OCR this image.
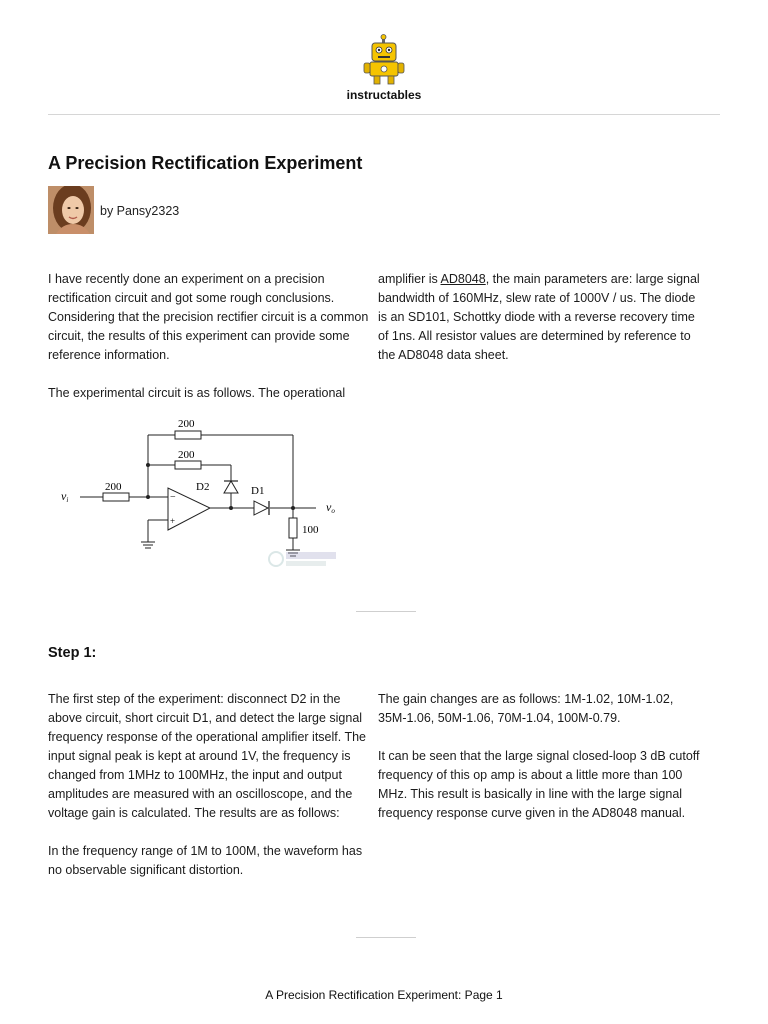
instructables
A Precision Rectification Experiment
by Pansy2323

I have recently done an experiment on a precision rectification circuit and got some rough conclusions. Considering that the precision rectifier circuit is a common circuit, the results of this experiment can provide some reference information.

The experimental circuit is as follows. The operational

amplifier is AD8048, the main parameters are: large signal bandwidth of 160MHz, slew rate of 1000V / us. The diode is an SD101, Schottky diode with a reverse recovery time of 1ns. All resistor values are determined by reference to the AD8048 data sheet.

−
+
200
200
200
100
D2	D1
vi	vo
Step 1:

The first step of the experiment: disconnect D2 in the above circuit, short circuit D1, and detect the large signal frequency response of the operational amplifier itself. The input signal peak is kept at around 1V, the frequency is changed from 1MHz to 100MHz, the input and output amplitudes are measured with an oscilloscope, and the voltage gain is calculated. The results are as follows:

In the frequency range of 1M to 100M, the waveform has no observable significant distortion.

The gain changes are as follows: 1M-1.02, 10M-1.02, 35M-1.06, 50M-1.06, 70M-1.04, 100M-0.79.

It can be seen that the large signal closed-loop 3 dB cutoff frequency of this op amp is about a little more than 100 MHz. This result is basically in line with the large signal frequency response curve given in the AD8048 manual.

A Precision Rectification Experiment: Page 1
